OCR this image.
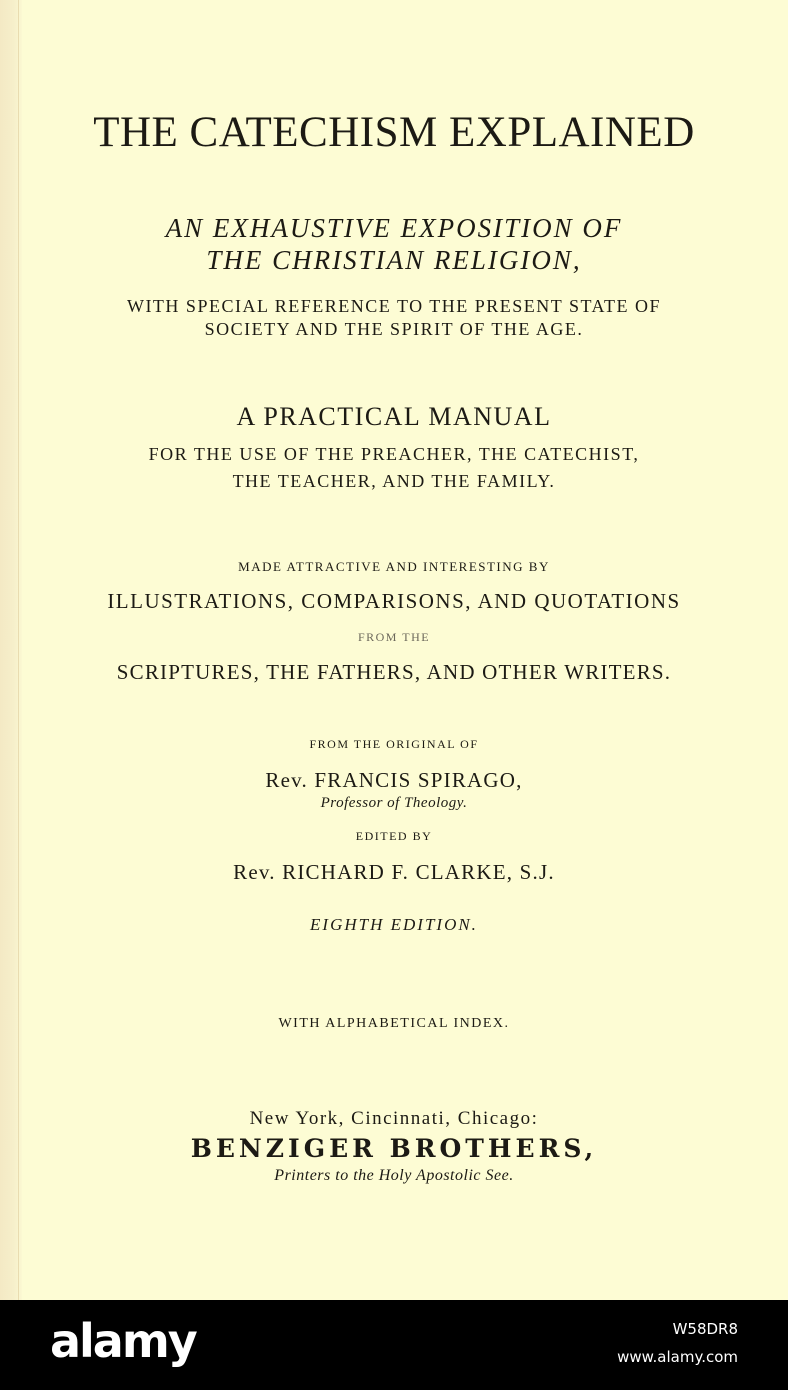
THE CATECHISM EXPLAINED
AN EXHAUSTIVE EXPOSITION OF
THE CHRISTIAN RELIGION,
WITH SPECIAL REFERENCE TO THE PRESENT STATE OF
SOCIETY AND THE SPIRIT OF THE AGE.
A PRACTICAL MANUAL
FOR THE USE OF THE PREACHER, THE CATECHIST,
THE TEACHER, AND THE FAMILY.
MADE ATTRACTIVE AND INTERESTING BY
ILLUSTRATIONS, COMPARISONS, AND QUOTATIONS
FROM THE
SCRIPTURES, THE FATHERS, AND OTHER WRITERS.
FROM THE ORIGINAL OF
Rev. FRANCIS SPIRAGO,
Professor of Theology.
EDITED BY
Rev. RICHARD F. CLARKE, S.J.
EIGHTH EDITION.
WITH ALPHABETICAL INDEX.
New York, Cincinnati, Chicago:
BENZIGER BROTHERS,
Printers to the Holy Apostolic See.
alamy	W58DR8
www.alamy.com
